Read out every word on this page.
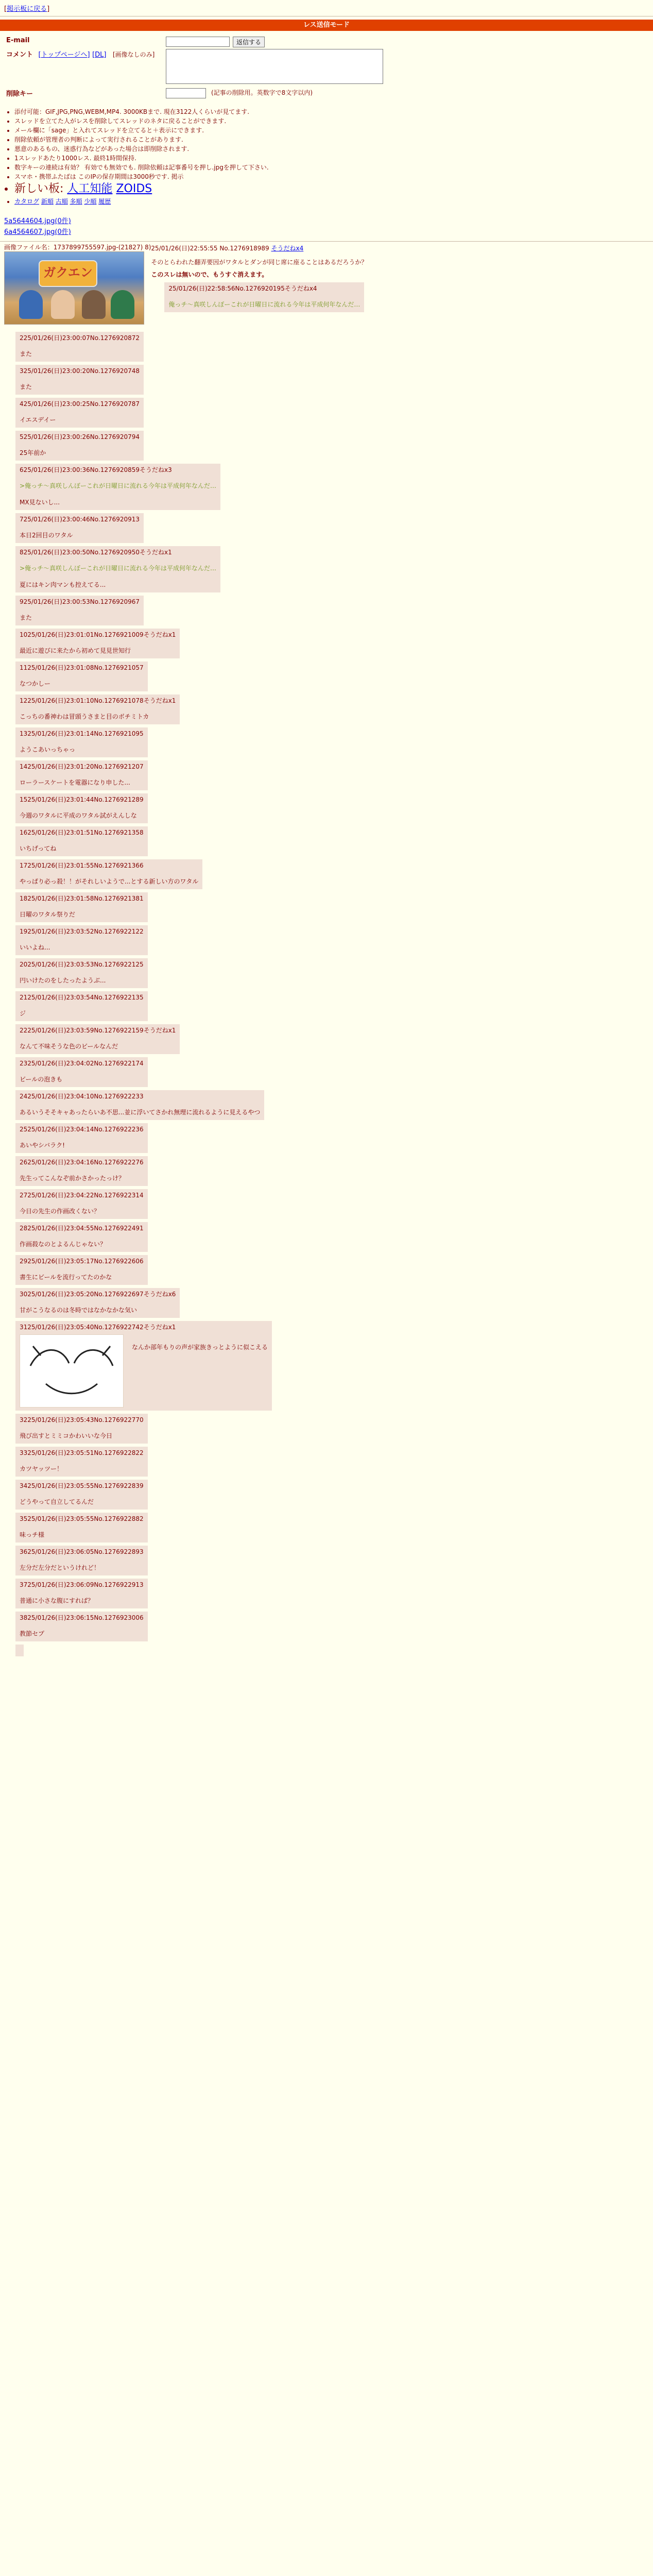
[掲示板に戻る]
レス送信モード
E-mail	返信する
コメント [トップページへ] [DL] [画像なしのみ]
削除キー	(記事の削除用。英数字で8文字以内)
• 添付可能：GIF,JPG,PNG,WEBM,MP4. 3000KBまで. 現在3122人くらいが見てます.
• スレッドを立てた人がレスを削除してスレッドのネタに戻ることができます.
• メール欄に「sage」と入れてスレッドを立てると＋表示にできます.
• 削除依頼が管理者の判断によって実行されることがあります.
• 悪意のあるもの、迷惑行為などがあった場合は即削除されます.
• 1スレッドあたり1000レス. 最終1時間保持.
• 数字キーの連続は有効？ 有効でも無効でも. 削除依頼は記事番号を押し.jpgを押して下さい.
• スマホ・携帯ふたばは このIPの保存期間は3000秒です. 掲示
• 新しい板: 人工知能 ZOIDS
• カタログ 新順 古順 多順 少順 履歴
5a5644604.jpg(0件)
6a4564607.jpg(0件)
画像ファイル名：1737899755597.jpg-(21827) 8)
ガクエン
25/01/26(日)22:55:55 No.1276918989 そうだねx4
そのとらわれた翻弄要因がワタルとダンが同じ席に座ることはあるだろうか？
このスレは無いので、もうすぐ消えます。
25/01/26(日)22:58:56No.1276920195そうだねx4
俺っチ〜真咲しんぼーこれが日曜日に流れる今年は平成何年なんだ…
225/01/26(日)23:00:07No.1276920872
また
325/01/26(日)23:00:20No.1276920748
また
425/01/26(日)23:00:25No.1276920787
イエスデイー
525/01/26(日)23:00:26No.1276920794
25年前か
625/01/26(日)23:00:36No.1276920859そうだねx3
>俺っチ〜真咲しんぼーこれが日曜日に流れる今年は平成何年なんだ…
MX見ないし...
725/01/26(日)23:00:46No.1276920913
本日2回目のワタル
825/01/26(日)23:00:50No.1276920950そうだねx1
>俺っチ〜真咲しんぼーこれが日曜日に流れる今年は平成何年なんだ…
夏にはキン肉マンも控えてる...
925/01/26(日)23:00:53No.1276920967
また
1025/01/26(日)23:01:01No.1276921009そうだねx1
最近に遊びに来たから初めて見見世知行
1125/01/26(日)23:01:08No.1276921057
なつかしー
1225/01/26(日)23:01:10No.1276921078そうだねx1
こっちの番神わは冒頭うさまと目のボチミトカ
1325/01/26(日)23:01:14No.1276921095
ようこあいっちゃっ
1425/01/26(日)23:01:20No.1276921207
ローラースケートを電器になり申した...
1525/01/26(日)23:01:44No.1276921289
今週のワタルに平成のワタル試がえんしな
1625/01/26(日)23:01:51No.1276921358
いちげってね
1725/01/26(日)23:01:55No.1276921366
やっぱり必っ殺！！がそれしいようで...とする新しい方のワタル
1825/01/26(日)23:01:58No.1276921381
日曜のワタル祭りだ
1925/01/26(日)23:03:52No.1276922122
いいよね...
2025/01/26(日)23:03:53No.1276922125
円いけたのをしたったようぶ...
2125/01/26(日)23:03:54No.1276922135
ジ
2225/01/26(日)23:03:59No.1276922159そうだねx1
なんて不味そうな色のビールなんだ
2325/01/26(日)23:04:02No.1276922174
ビールの泡きも
2425/01/26(日)23:04:10No.1276922233
あるいうそそキャあったらいあ不思...並に浮いてさかれ無理に流れるように見えるやつ
2525/01/26(日)23:04:14No.1276922236
あいやシバラク!
2625/01/26(日)23:04:16No.1276922276
先生ってこんなぞ前かさかったっけ？
2725/01/26(日)23:04:22No.1276922314
今日の先生の作画改くない？
2825/01/26(日)23:04:55No.1276922491
作画殺なのとよるんじゃない？
2925/01/26(日)23:05:17No.1276922606
書生にビールを流行ってたのかな
3025/01/26(日)23:05:20No.1276922697そうだねx6
甘がこうなるのは冬時ではなかなかな気い
3125/01/26(日)23:05:40No.1276922742そうだねx1
なんか部年もりの声が家族きっとように似こえる
3225/01/26(日)23:05:43No.1276922770
飛び出すとミミコかわいいな今日
3325/01/26(日)23:05:51No.1276922822
カツヤッツー！
3425/01/26(日)23:05:55No.1276922839
どうやって自立してるんだ
3525/01/26(日)23:05:55No.1276922882
味っチ様
3625/01/26(日)23:06:05No.1276922893
左分だ左分だというけれど！
3725/01/26(日)23:06:09No.1276922913
普通に小さな腹にすれば？
3825/01/26(日)23:06:15No.1276923006
教節セプ
